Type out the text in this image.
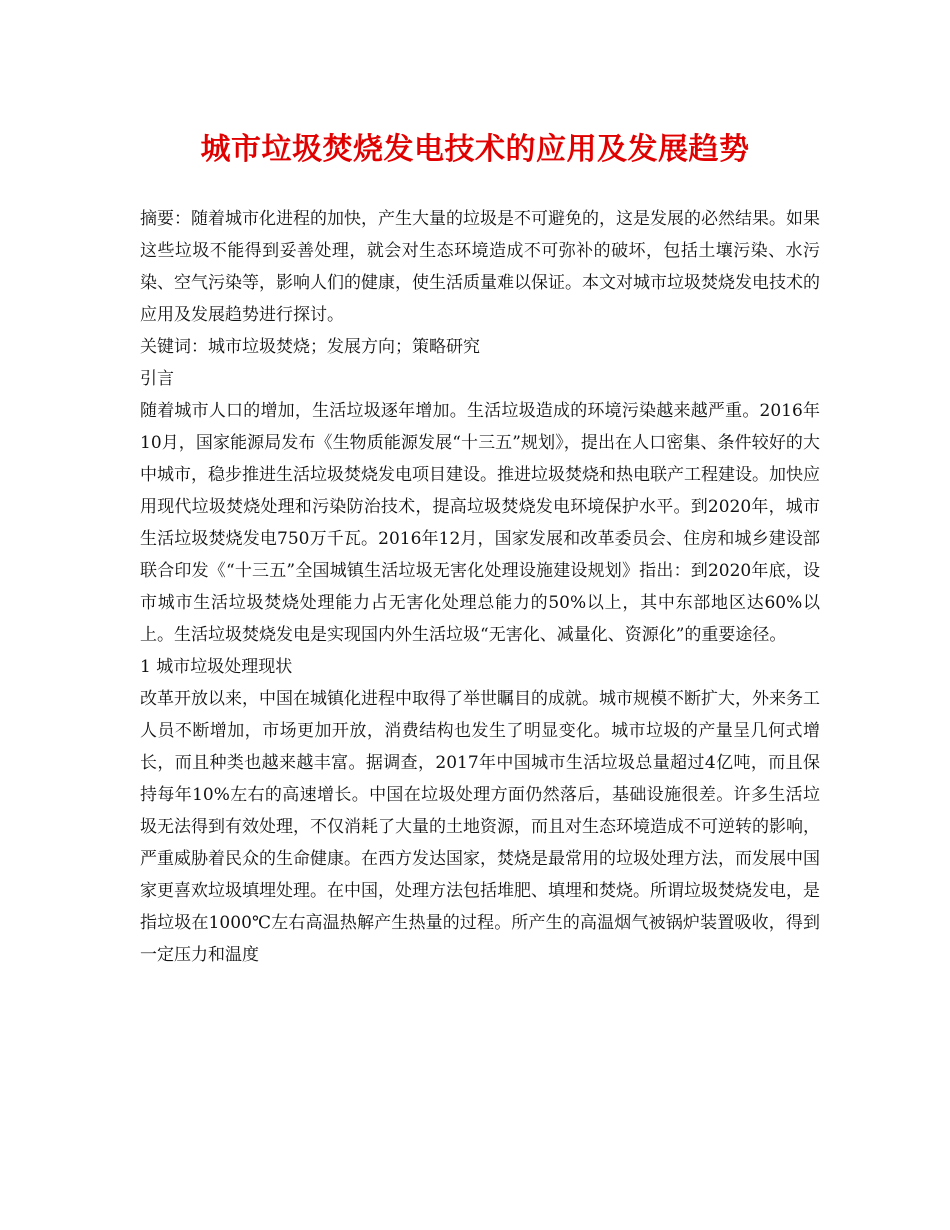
城市垃圾焚烧发电技术的应用及发展趋势

摘要：随着城市化进程的加快，产生大量的垃圾是不可避免的，这是发展的必然结果。如果这些垃圾不能得到妥善处理，就会对生态环境造成不可弥补的破坏，包括土壤污染、水污染、空气污染等，影响人们的健康，使生活质量难以保证。本文对城市垃圾焚烧发电技术的应用及发展趋势进行探讨。

关键词：城市垃圾焚烧；发展方向；策略研究

引言

随着城市人口的增加，生活垃圾逐年增加。生活垃圾造成的环境污染越来越严重。2016年10月，国家能源局发布《生物质能源发展“十三五”规划》，提出在人口密集、条件较好的大中城市，稳步推进生活垃圾焚烧发电项目建设。推进垃圾焚烧和热电联产工程建设。加快应用现代垃圾焚烧处理和污染防治技术，提高垃圾焚烧发电环境保护水平。到2020年，城市生活垃圾焚烧发电750万千瓦。2016年12月，国家发展和改革委员会、住房和城乡建设部联合印发《“十三五”全国城镇生活垃圾无害化处理设施建设规划》指出：到2020年底，设市城市生活垃圾焚烧处理能力占无害化处理总能力的50%以上，其中东部地区达60%以上。生活垃圾焚烧发电是实现国内外生活垃圾“无害化、减量化、资源化”的重要途径。

1 城市垃圾处理现状

改革开放以来，中国在城镇化进程中取得了举世瞩目的成就。城市规模不断扩大，外来务工人员不断增加，市场更加开放，消费结构也发生了明显变化。城市垃圾的产量呈几何式增长，而且种类也越来越丰富。据调查，2017年中国城市生活垃圾总量超过4亿吨，而且保持每年10%左右的高速增长。中国在垃圾处理方面仍然落后，基础设施很差。许多生活垃圾无法得到有效处理，不仅消耗了大量的土地资源，而且对生态环境造成不可逆转的影响，严重威胁着民众的生命健康。在西方发达国家，焚烧是最常用的垃圾处理方法，而发展中国家更喜欢垃圾填埋处理。在中国，处理方法包括堆肥、填埋和焚烧。所谓垃圾焚烧发电，是指垃圾在1000℃左右高温热解产生热量的过程。所产生的高温烟气被锅炉装置吸收，得到一定压力和温度
